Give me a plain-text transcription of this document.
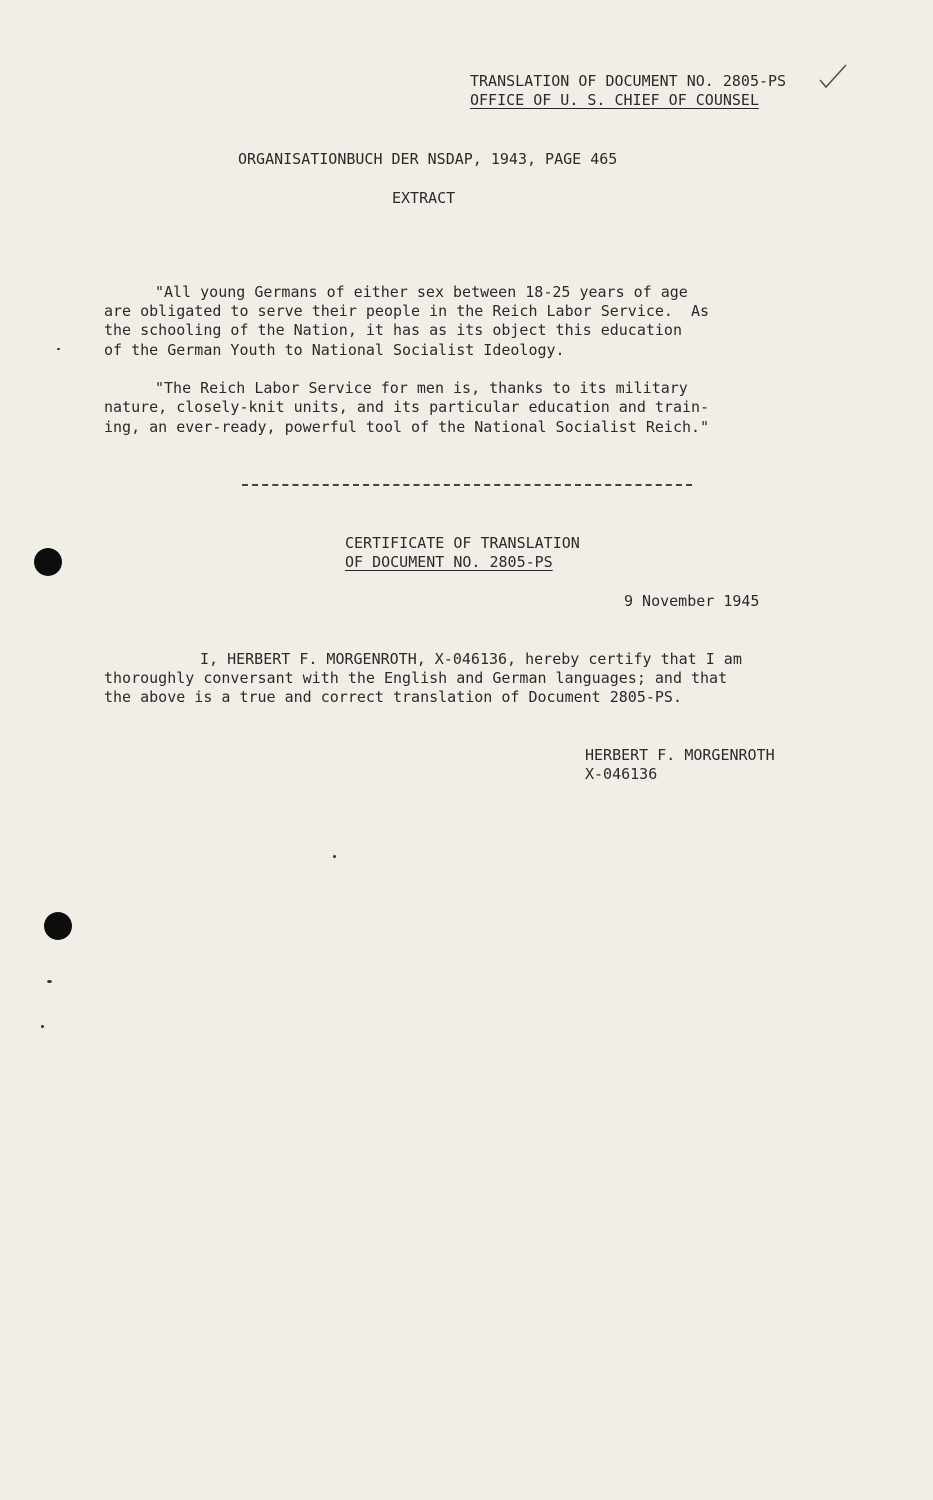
TRANSLATION OF DOCUMENT NO. 2805-PS
OFFICE OF U. S. CHIEF OF COUNSEL
ORGANISATIONBUCH DER NSDAP, 1943, PAGE 465
EXTRACT
"All young Germans of either sex between 18-25 years of age
are obligated to serve their people in the Reich Labor Service.  As
the schooling of the Nation, it has as its object this education
of the German Youth to National Socialist Ideology.
"The Reich Labor Service for men is, thanks to its military
nature, closely-knit units, and its particular education and train-
ing, an ever-ready, powerful tool of the National Socialist Reich."
CERTIFICATE OF TRANSLATION
OF DOCUMENT NO. 2805-PS
9 November 1945
I, HERBERT F. MORGENROTH, X-046136, hereby certify that I am
thoroughly conversant with the English and German languages; and that
the above is a true and correct translation of Document 2805-PS.
HERBERT F. MORGENROTH
X-046136
